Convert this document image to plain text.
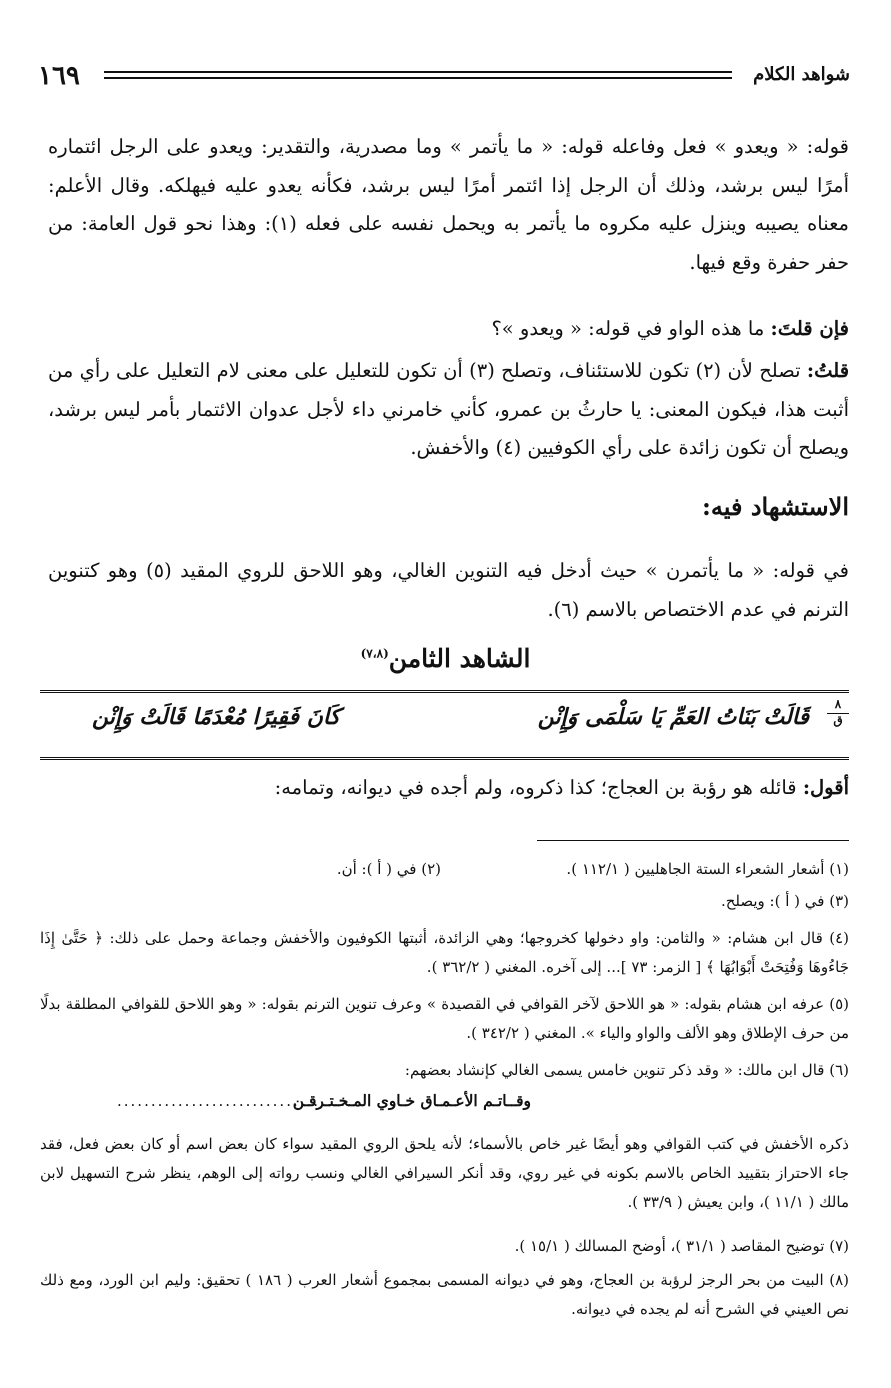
١٦٩	شواهد الكلام
قوله: « ويعدو » فعل وفاعله قوله: « ما يأتمر » وما مصدرية، والتقدير: ويعدو على الرجل ائتماره أمرًا ليس برشد، وذلك أن الرجل إذا ائتمر أمرًا ليس برشد، فكأنه يعدو عليه فيهلكه. وقال الأعلم: معناه يصيبه وينزل عليه مكروه ما يأتمر به ويحمل نفسه على فعله (١): وهذا نحو قول العامة: من حفر حفرة وقع فيها.
فإن قلتَ: ما هذه الواو في قوله: « ويعدو »؟
قلتُ: تصلح لأن (٢) تكون للاستئناف، وتصلح (٣) أن تكون للتعليل على معنى لام التعليل على رأي من أثبت هذا، فيكون المعنى: يا حارثُ بن عمرو، كأني خامرني داء لأجل عدوان الائتمار بأمر ليس برشد، ويصلح أن تكون زائدة على رأي الكوفيين (٤) والأخفش.
الاستشهاد فيه:
في قوله: « ما يأتمرن » حيث أدخل فيه التنوين الغالي، وهو اللاحق للروي المقيد (٥) وهو كتنوين الترنم في عدم الاختصاص بالاسم (٦).
الشاهد الثامن$^{(٧،٨)}$
٨
ق
قَالَتْ بَنَاتُ العَمِّ يَا سَلْمَى وَإِنْن
كَانَ فَقِيرًا مُعْدَمًا قَالَتْ وَإِنْن
أقول: قائله هو رؤبة بن العجاج؛ كذا ذكروه، ولم أجده في ديوانه، وتمامه:
(١) أشعار الشعراء الستة الجاهليين ( ١١٢/١ ).
(٢) في ( أ ): أن.
(٣) في ( أ ): ويصلح.
(٤) قال ابن هشام: « والثامن: واو دخولها كخروجها؛ وهي الزائدة، أثبتها الكوفيون والأخفش وجماعة وحمل على ذلك: ﴿ حَتَّىٰ إِذَا جَاءُوهَا وَفُتِحَتْ أَبْوَابُهَا ﴾ [ الزمر: ٧٣ ]... إلى آخره. المغني ( ٣٦٢/٢ ).
(٥) عرفه ابن هشام بقوله: « هو اللاحق لآخر القوافي في القصيدة » وعرف تنوين الترنم بقوله: « وهو اللاحق للقوافي المطلقة بدلًا من حرف الإطلاق وهو الألف والواو والياء ». المغني ( ٣٤٢/٢ ).
(٦) قال ابن مالك: « وقد ذكر تنوين خامس يسمى الغالي كإنشاد بعضهم:
وقــاتـم الأعـمـاق خـاوي المـخـتـرقـن
....................................
ذكره الأخفش في كتب القوافي وهو أيضًا غير خاص بالأسماء؛ لأنه يلحق الروي المقيد سواء كان بعض اسم أو كان بعض فعل، فقد جاء الاحتراز بتقييد الخاص بالاسم بكونه في غير روي، وقد أنكر السيرافي الغالي ونسب رواته إلى الوهم، ينظر شرح التسهيل لابن مالك ( ١١/١ )، وابن يعيش ( ٣٣/٩ ).
(٧) توضيح المقاصد ( ٣١/١ )، أوضح المسالك ( ١٥/١ ).
(٨) البيت من بحر الرجز لرؤبة بن العجاج، وهو في ديوانه المسمى بمجموع أشعار العرب ( ١٨٦ ) تحقيق: وليم ابن الورد، ومع ذلك نص العيني في الشرح أنه لم يجده في ديوانه.
